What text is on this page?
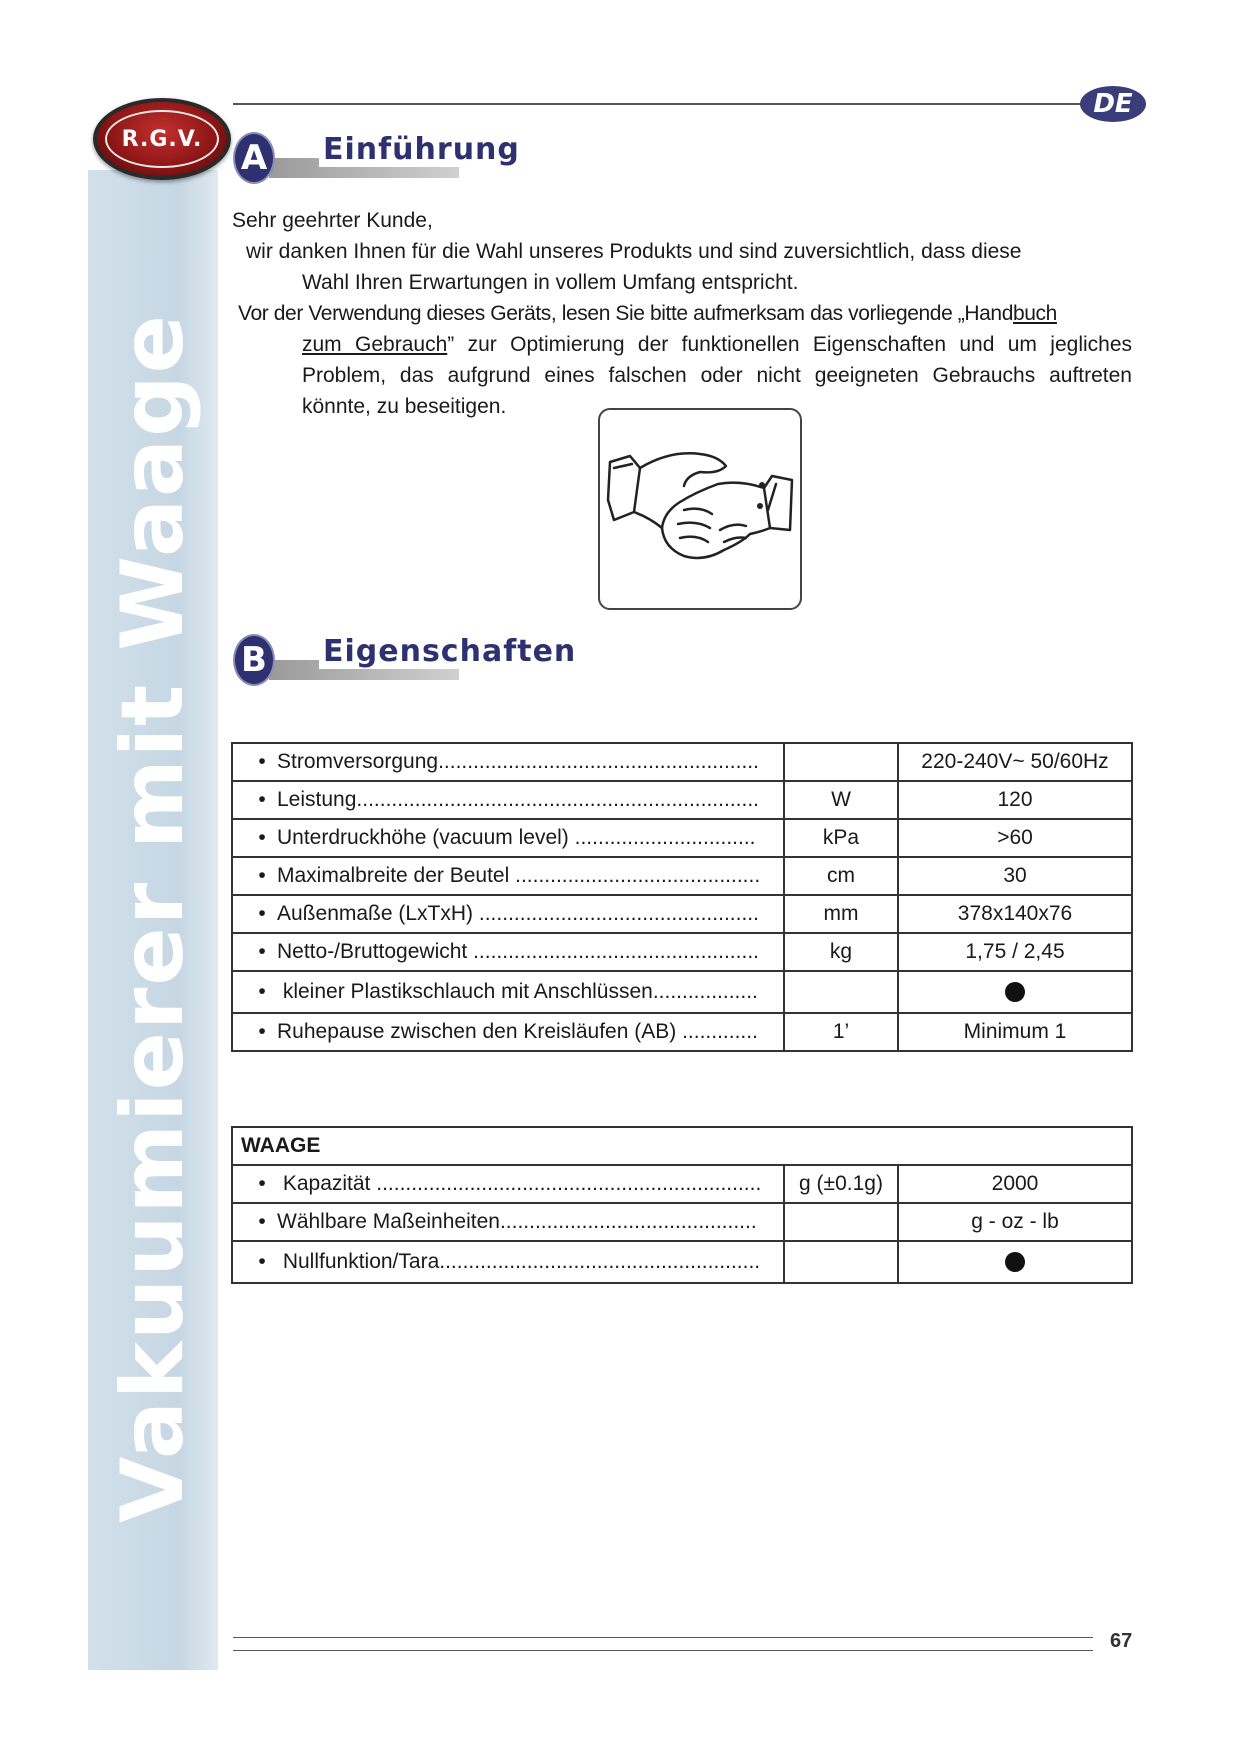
Vakuumierer mit Waage
R.G.V.
DE
A Einführung

Sehr geehrter Kunde,

wir danken Ihnen für die Wahl unseres Produkts und sind zuversichtlich, dass diese

Wahl Ihren Erwartungen in vollem Umfang entspricht.

Vor der Verwendung dieses Geräts, lesen Sie bitte aufmerksam das vorliegende „Handbuch

zum Gebrauch” zur Optimierung der funktionellen Eigenschaften und um jegliches Problem, das aufgrund eines falschen oder nicht geeigneten Gebrauchs auftreten könnte, zu beseitigen.

B Eigenschaften
• Stromversorgung.......................................................		220-240V~ 50/60Hz
• Leistung.....................................................................	W	120
• Unterdruckhöhe (vacuum level) ...............................	kPa	>60
• Maximalbreite der Beutel ..........................................	cm	30
• Außenmaße (LxTxH) ................................................	mm	378x140x76
• Netto-/Bruttogewicht .................................................	kg	1,75 / 2,45
• kleiner Plastikschlauch mit Anschlüssen..................		
• Ruhepause zwischen den Kreisläufen (AB) .............	1’	Minimum 1
WAAGE		
• Kapazität ..................................................................	g (±0.1g)	2000
• Wählbare Maßeinheiten............................................		g - oz - lb
• Nullfunktion/Tara.......................................................		
67
